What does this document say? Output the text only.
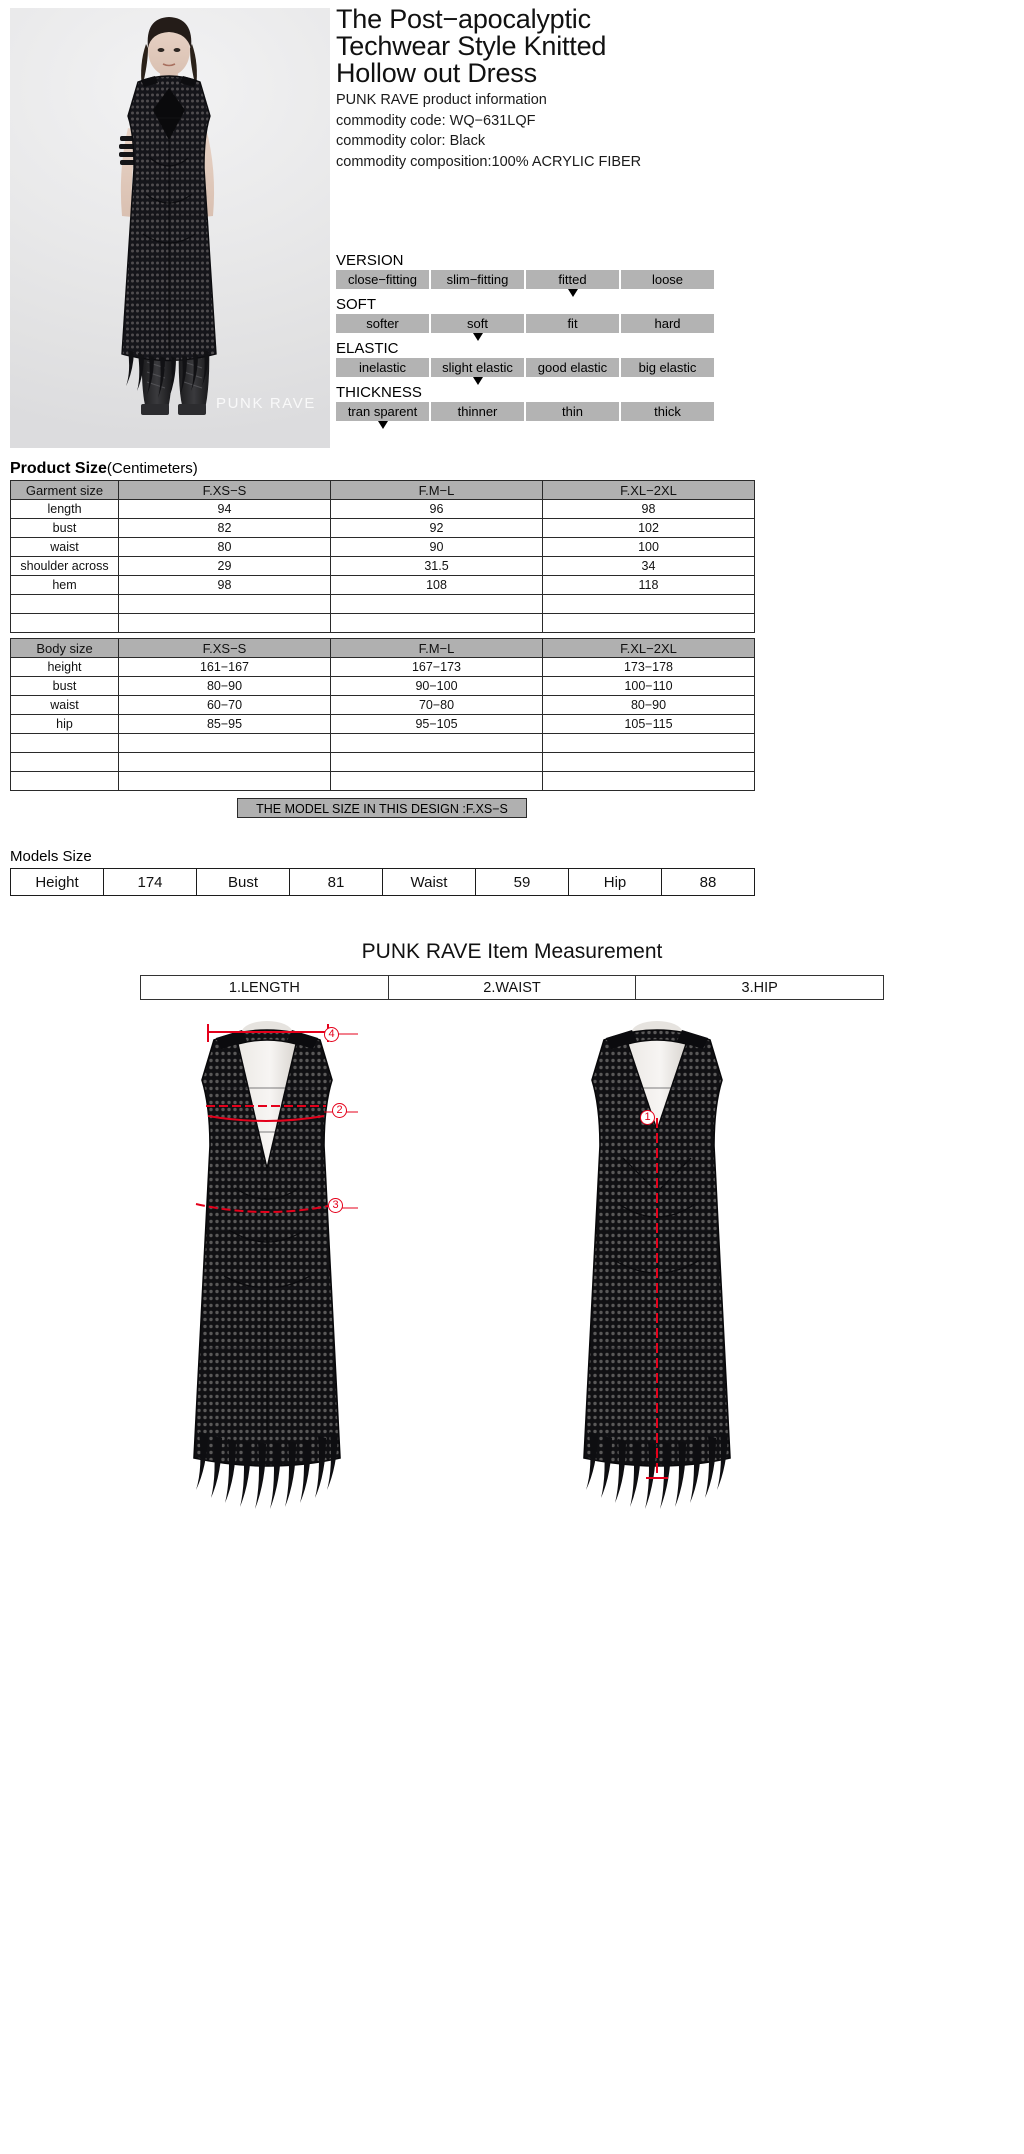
PUNK RAVE
The Post−apocalyptic
Techwear Style Knitted
Hollow out Dress
PUNK RAVE product information
commodity code: WQ−631LQF
commodity color: Black
commodity composition:100% ACRYLIC FIBER
VERSION
close−fitting	slim−fitting	fitted	loose
SOFT
softer	soft	fit	hard
ELASTIC
inelastic	slight elastic	good elastic	big elastic
THICKNESS
tran sparent	thinner	thin	thick
Product Size(Centimeters)
Garment size	F.XS−S	F.M−L	F.XL−2XL
length	94	96	98
bust	82	92	102
waist	80	90	100
shoulder across	29	31.5	34
hem	98	108	118

Body size	F.XS−S	F.M−L	F.XL−2XL
height	161−167	167−173	173−178
bust	80−90	90−100	100−110
waist	60−70	70−80	80−90
hip	85−95	95−105	105−115

THE MODEL SIZE IN THIS DESIGN :F.XS−S
Models Size
Height	174	Bust	81	Waist	59	Hip	88
PUNK RAVE Item Measurement
1.LENGTH	2.WAIST	3.HIP
4
2
3
1
